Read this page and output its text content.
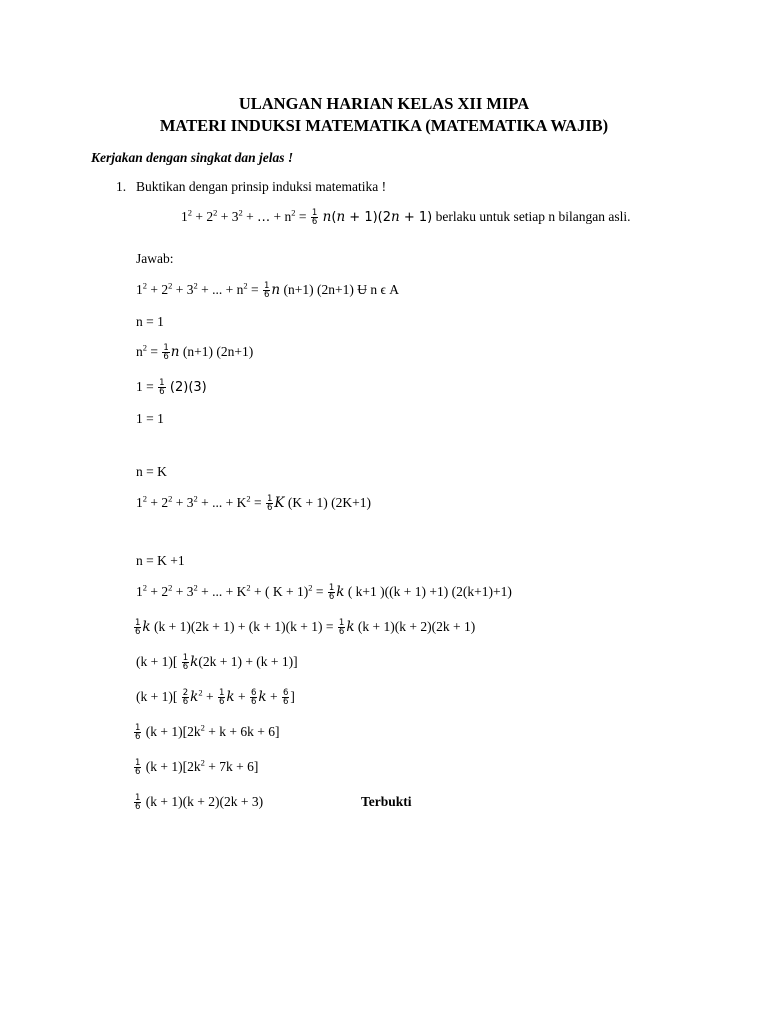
ULANGAN HARIAN KELAS XII MIPA
MATERI INDUKSI MATEMATIKA (MATEMATIKA WAJIB)
Kerjakan dengan singkat dan jelas !
1. Buktikan dengan prinsip induksi matematika !
$1^2 + 2^2 + 3^2$ + … + $n^2 = \frac{1}{6} n(n + 1)(2n + 1)$ berlaku untuk setiap n bilangan asli.
Jawab:
$1^2 + 2^2 + 3^2$ + ... + $n^2 = \frac{1}{6}$ n (n+1) (2n+1) Ʉ n ϵ A
n = 1
$n^2 = \frac{1}{6}$ n (n+1) (2n+1)
$1 = \frac{1}{6} (2)(3)$
1 = 1
n = K
$1^2 + 2^2 + 3^2$ + ... + $K^2 = \frac{1}{6}$ K (K + 1) (2K+1)
n = K +1
$1^2 + 2^2 + 3^2$ + ... + $K^2$ + ( $K + 1)^2 = \frac{1}{6}$ k ( k+1 )((k + 1) +1) (2(k+1)+1)
$\frac{1}{6}$ k $(k + 1)(2k + 1) + (k + 1)(k + 1) = \frac{1}{6}$ k (k + 1)(k + 2)(2k + 1)
$(k + 1)[ \frac{1}{6} k(2k + 1) + (k + 1)]$
$(k + 1)[ \frac{2}{6} k^2 + \frac{1}{6}$ $k + \frac{6}{6}$ $k + \frac{6}{6}$ ]
$\frac{1}{6} (k + 1)[2k^2 + k + 6k + 6]$
$\frac{1}{6} (k + 1)[2k^2 + 7k + 6]$
$\frac{1}{6} (k + 1)(k + 2)(2k + 3)$	Terbukti
